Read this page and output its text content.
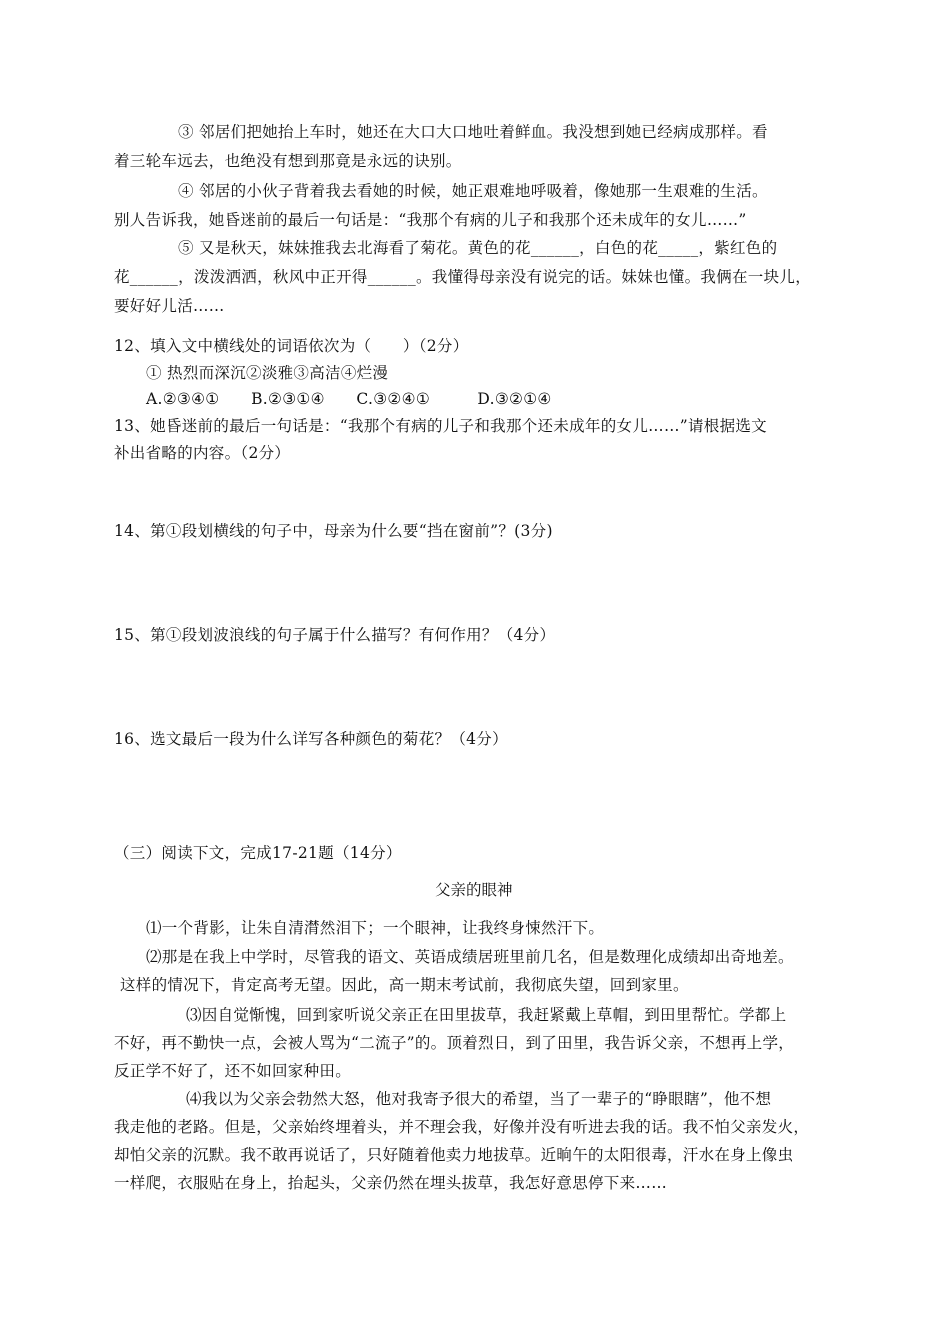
③ 邻居们把她抬上车时，她还在大口大口地吐着鲜血。我没想到她已经病成那样。看
着三轮车远去，也绝没有想到那竟是永远的诀别。
④ 邻居的小伙子背着我去看她的时候，她正艰难地呼吸着，像她那一生艰难的生活。
别人告诉我，她昏迷前的最后一句话是：“我那个有病的儿子和我那个还未成年的女儿……”
⑤ 又是秋天，妹妹推我去北海看了菊花。黄色的花______，白色的花_____，紫红色的
花______，泼泼洒洒，秋风中正开得______。我懂得母亲没有说完的话。妹妹也懂。我俩在一块儿，
要好好儿活……
12、填入文中横线处的词语依次为（　　）（2分）
① 热烈而深沉②淡雅③高洁④烂漫
A.②③④①　　B.②③①④　　C.③②④①　　　D.③②①④
13、她昏迷前的最后一句话是：“我那个有病的儿子和我那个还未成年的女儿……”请根据选文
补出省略的内容。（2分）
14、第①段划横线的句子中，母亲为什么要“挡在窗前”？(3分)
15、第①段划波浪线的句子属于什么描写？有何作用？（4分）
16、选文最后一段为什么详写各种颜色的菊花？（4分）
（三）阅读下文，完成17-21题（14分）
父亲的眼神
⑴一个背影，让朱自清潸然泪下；一个眼神，让我终身悚然汗下。
⑵那是在我上中学时，尽管我的语文、英语成绩居班里前几名，但是数理化成绩却出奇地差。
这样的情况下，肯定高考无望。因此，高一期末考试前，我彻底失望，回到家里。
⑶因自觉惭愧，回到家听说父亲正在田里拔草，我赶紧戴上草帽，到田里帮忙。学都上
不好，再不勤快一点，会被人骂为“二流子”的。顶着烈日，到了田里，我告诉父亲，不想再上学，
反正学不好了，还不如回家种田。
⑷我以为父亲会勃然大怒，他对我寄予很大的希望，当了一辈子的“睁眼瞎”，他不想
我走他的老路。但是，父亲始终埋着头，并不理会我，好像并没有听进去我的话。我不怕父亲发火，
却怕父亲的沉默。我不敢再说话了，只好随着他卖力地拔草。近晌午的太阳很毒，汗水在身上像虫
一样爬，衣服贴在身上，抬起头，父亲仍然在埋头拔草，我怎好意思停下来……
